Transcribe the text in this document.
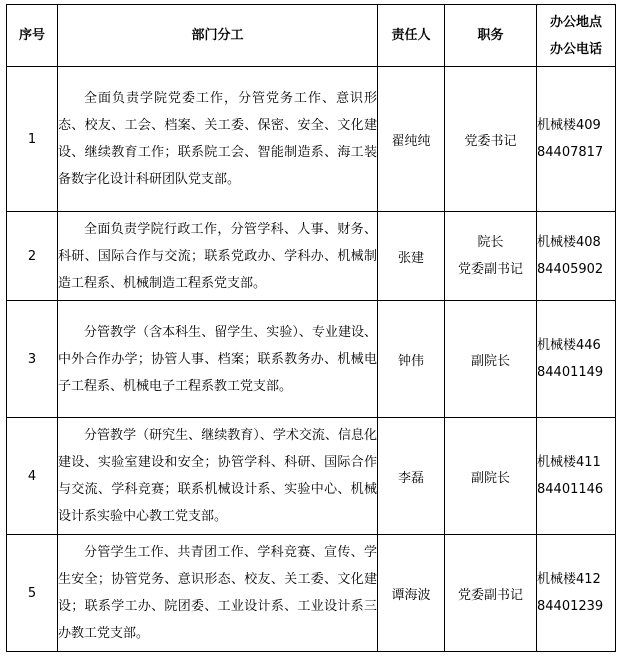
序号	部门分工	责任人	职务	办公地点
办公电话

1	全面负责学院党委工作，分管党务工作、意识形态、校友、工会、档案、关工委、保密、安全、文化建设、继续教育工作；联系院工会、智能制造系、海工装备数字化设计科研团队党支部。	翟纯纯	党委书记	机械楼409
84407817

2	全面负责学院行政工作，分管学科、人事、财务、科研、国际合作与交流；联系党政办、学科办、机械制造工程系、机械制造工程系党支部。	张建	院长
党委副书记	机械楼408
84405902

3	分管教学（含本科生、留学生、实验）、专业建设、中外合作办学；协管人事、档案；联系教务办、机械电子工程系、机械电子工程系教工党支部。	钟伟	副院长	机械楼446
84401149

4	分管教学（研究生、继续教育）、学术交流、信息化建设、实验室建设和安全；协管学科、科研、国际合作与交流、学科竞赛；联系机械设计系、实验中心、机械设计系实验中心教工党支部。	李磊	副院长	机械楼411
84401146

5	分管学生工作、共青团工作、学科竞赛、宣传、学生安全；协管党务、意识形态、校友、关工委、文化建设；联系学工办、院团委、工业设计系、工业设计系三办教工党支部。	谭海波	党委副书记	机械楼412
84401239
